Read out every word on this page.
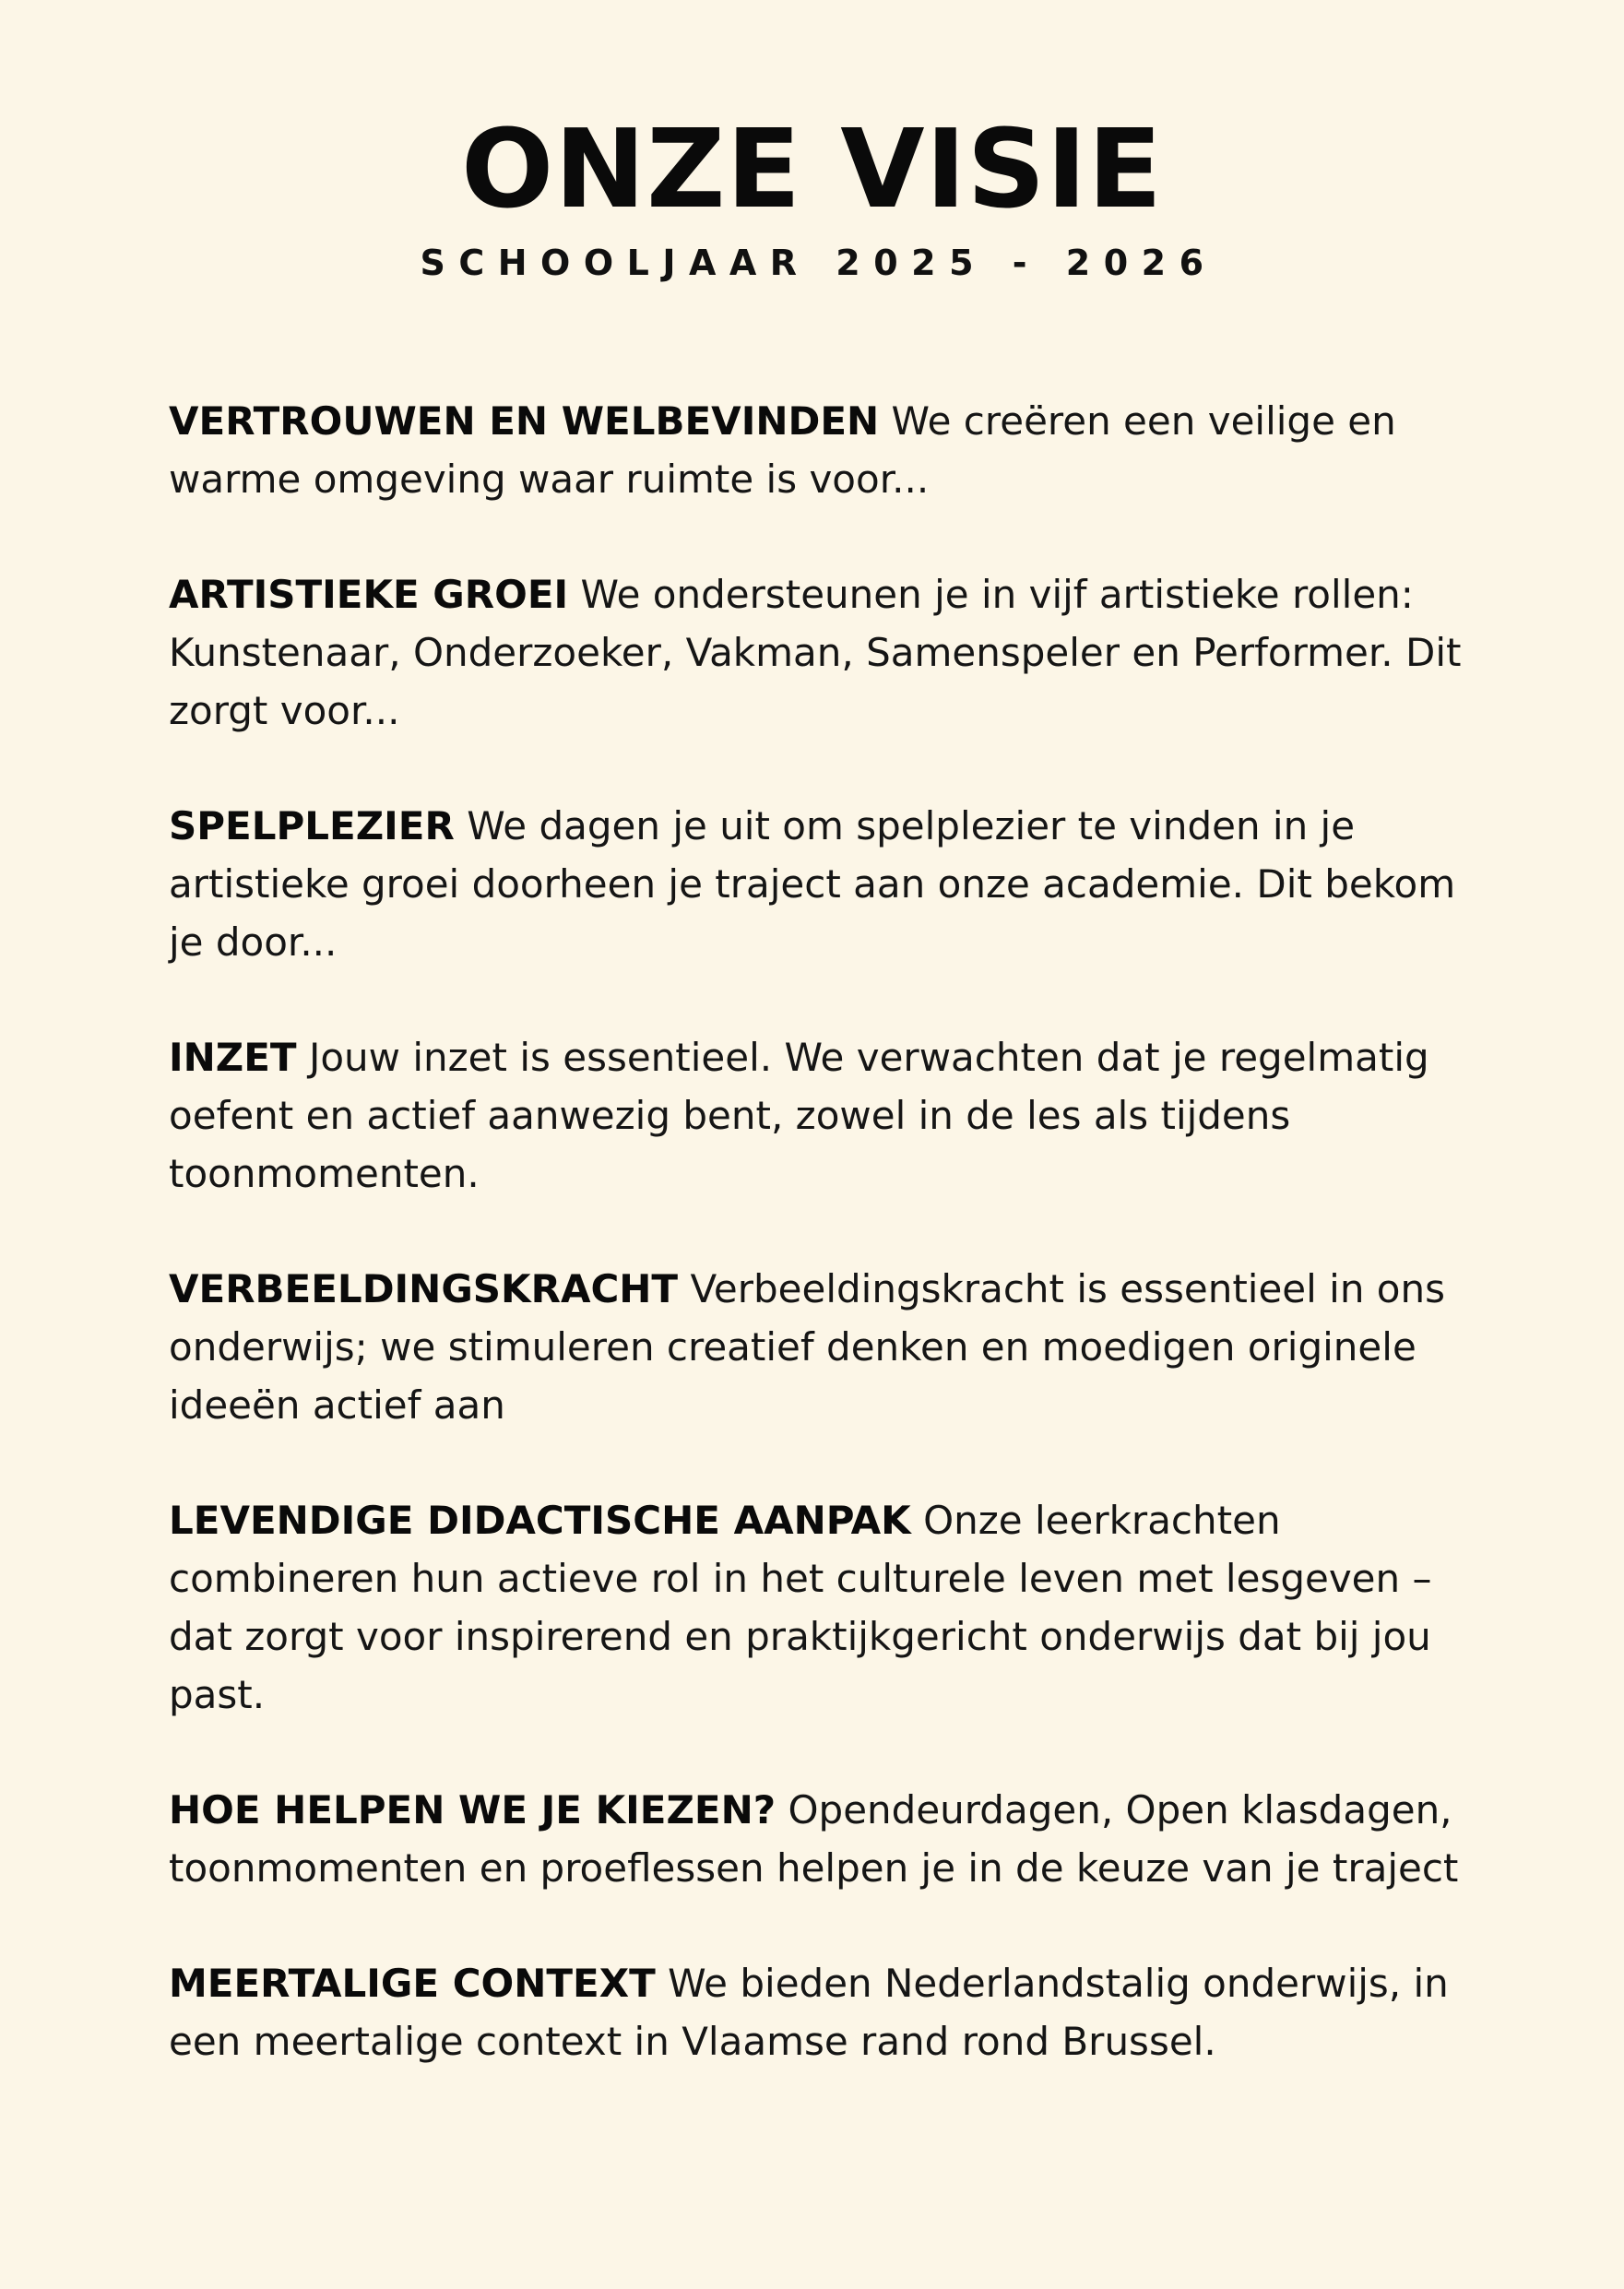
ONZE VISIE
SCHOOLJAAR 2025 - 2026

VERTROUWEN EN WELBEVINDEN We creëren een veilige en warme omgeving waar ruimte is voor...

ARTISTIEKE GROEI We ondersteunen je in vijf artistieke rollen: Kunstenaar, Onderzoeker, Vakman, Samenspeler en Performer. Dit zorgt voor...

SPELPLEZIER We dagen je uit om spelplezier te vinden in je artistieke groei doorheen je traject aan onze academie. Dit bekom je door...

INZET Jouw inzet is essentieel. We verwachten dat je regelmatig oefent en actief aanwezig bent, zowel in de les als tijdens toonmomenten.

VERBEELDINGSKRACHT Verbeeldingskracht is essentieel in ons onderwijs; we stimuleren creatief denken en moedigen originele ideeën actief aan

LEVENDIGE DIDACTISCHE AANPAK Onze leerkrachten combineren hun actieve rol in het culturele leven met lesgeven – dat zorgt voor inspirerend en praktijkgericht onderwijs dat bij jou past.

HOE HELPEN WE JE KIEZEN? Opendeurdagen, Open klasdagen, toonmomenten en proeflessen helpen je in de keuze van je traject

MEERTALIGE CONTEXT We bieden Nederlandstalig onderwijs, in een meertalige context in Vlaamse rand rond Brussel.
